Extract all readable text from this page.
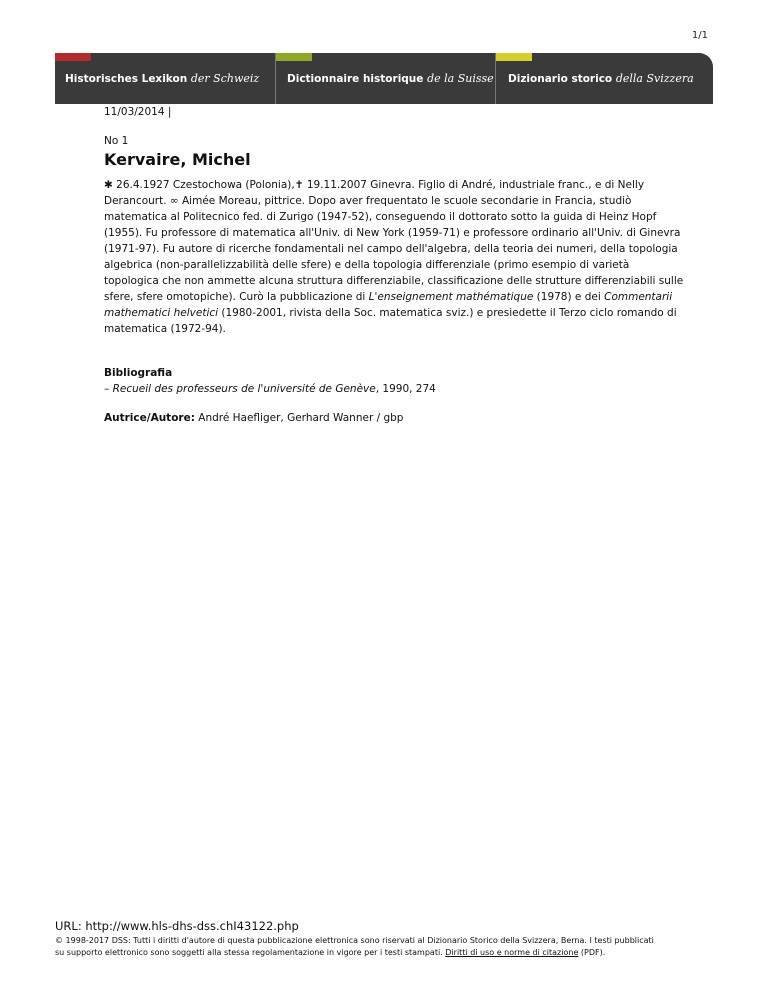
1/1
Historisches Lexikon
der Schweiz	Dictionnaire historique
de la Suisse Dizionario storico
della Svizzera
11/03/2014 |
No 1
Kervaire, Michel
✱ 26.4.1927 Czestochowa (Polonia),✝ 19.11.2007 Ginevra. Figlio di André, industriale franc., e di Nelly Derancourt. ∞ Aimée Moreau, pittrice. Dopo aver frequentato le scuole secondarie in Francia, studiò matematica al Politecnico fed. di Zurigo (1947-52), conseguendo il dottorato sotto la guida di Heinz Hopf (1955). Fu professore di matematica all'Univ. di New York (1959-71) e professore ordinario all'Univ. di Ginevra (1971-97). Fu autore di ricerche fondamentali nel campo dell'algebra, della teoria dei numeri, della topologia algebrica (non-parallelizzabilità delle sfere) e della topologia differenziale (primo esempio di varietà topologica che non ammette alcuna struttura differenziabile, classificazione delle strutture differenziabili sulle sfere, sfere omotopiche). Curò la pubblicazione di L'enseignement mathématique (1978) e dei Commentarii mathematici helvetici (1980-2001, rivista della Soc. matematica sviz.) e presiedette il Terzo ciclo romando di matematica (1972-94).
Bibliografia
– Recueil des professeurs de l'université de Genève, 1990, 274
Autrice/Autore: André Haefliger, Gerhard Wanner / gbp
URL: http://www.hls-dhs-dss.chI43122.php
© 1998-2017 DSS: Tutti i diritti d'autore di questa pubblicazione elettronica sono riservati al Dizionario Storico della Svizzera, Berna. I testi pubblicati su supporto elettronico sono soggetti alla stessa regolamentazione in vigore per i testi stampati. Diritti di uso e norme di citazione (PDF).
